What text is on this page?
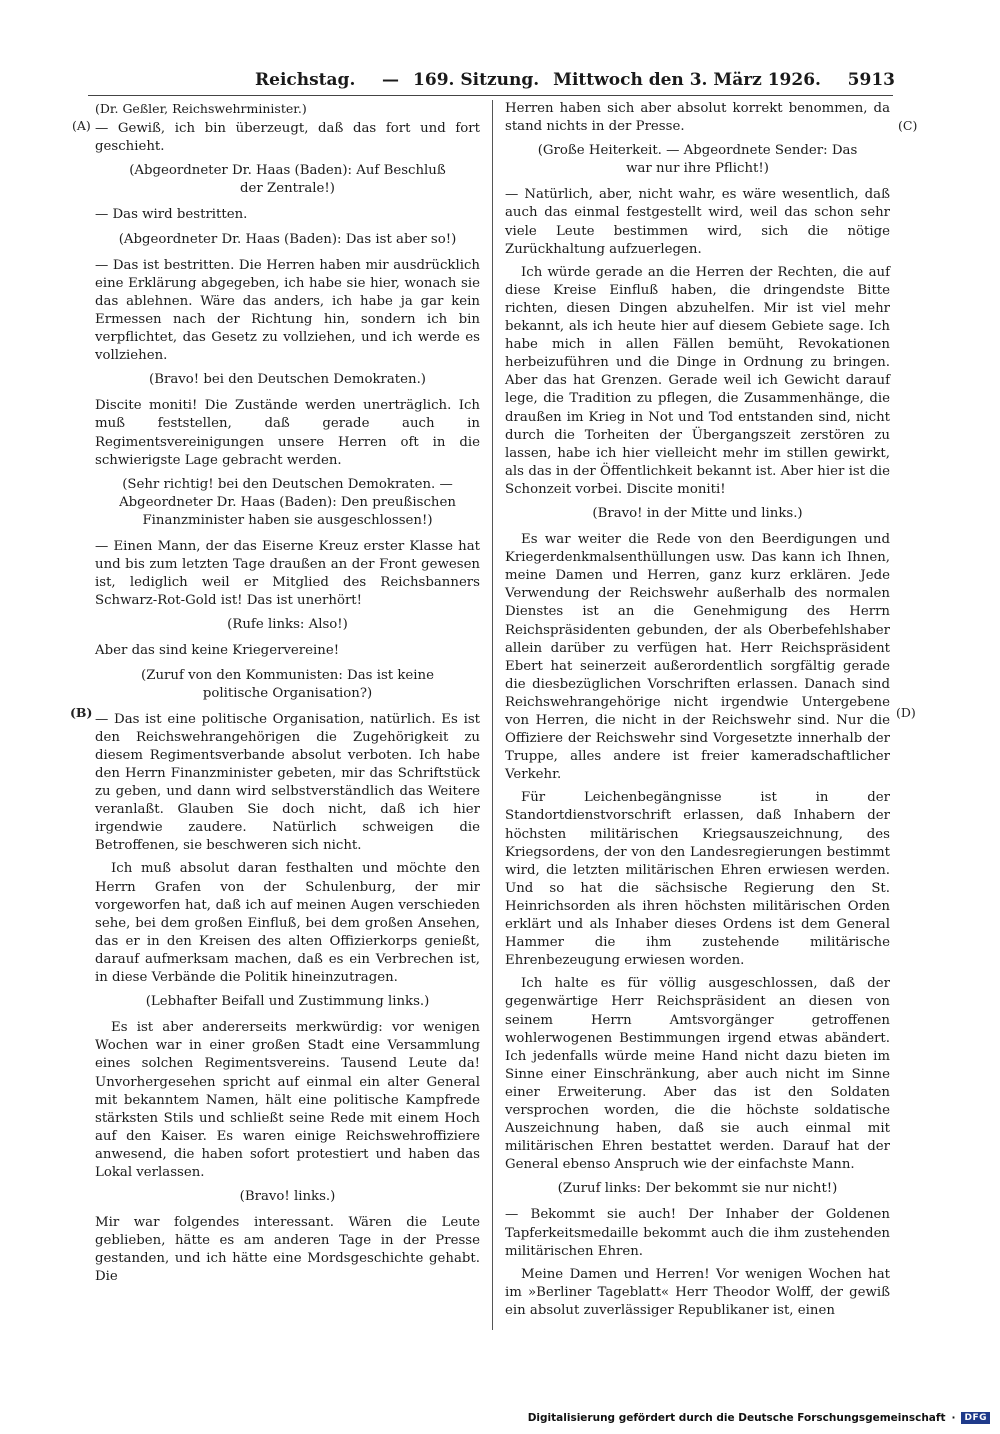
Reichstag. — 169. Sitzung. Mittwoch den 3. März 1926. 5913
(A)
(B)
(C)
(D)

(Dr. Geßler, Reichswehrminister.)

— Gewiß, ich bin überzeugt, daß das fort und fort geschieht.

(Abgeordneter Dr. Haas (Baden): Auf Beschluß der Zentrale!)

— Das wird bestritten.

(Abgeordneter Dr. Haas (Baden): Das ist aber so!)

— Das ist bestritten. Die Herren haben mir ausdrücklich eine Erklärung abgegeben, ich habe sie hier, wonach sie das ablehnen. Wäre das anders, ich habe ja gar kein Ermessen nach der Richtung hin, sondern ich bin verpflichtet, das Gesetz zu vollziehen, und ich werde es vollziehen.

(Bravo! bei den Deutschen Demokraten.)

Discite moniti! Die Zustände werden unerträglich. Ich muß feststellen, daß gerade auch in Regimentsvereinigungen unsere Herren oft in die schwierigste Lage gebracht werden.

(Sehr richtig! bei den Deutschen Demokraten. — Abgeordneter Dr. Haas (Baden): Den preußischen Finanzminister haben sie ausgeschlossen!)

— Einen Mann, der das Eiserne Kreuz erster Klasse hat und bis zum letzten Tage draußen an der Front gewesen ist, lediglich weil er Mitglied des Reichsbanners Schwarz-Rot-Gold ist! Das ist unerhört!

(Rufe links: Also!)

Aber das sind keine Kriegervereine!

(Zuruf von den Kommunisten: Das ist keine politische Organisation?)

— Das ist eine politische Organisation, natürlich. Es ist den Reichswehrangehörigen die Zugehörigkeit zu diesem Regimentsverbande absolut verboten. Ich habe den Herrn Finanzminister gebeten, mir das Schriftstück zu geben, und dann wird selbstverständlich das Weitere veranlaßt. Glauben Sie doch nicht, daß ich hier irgendwie zaudere. Natürlich schweigen die Betroffenen, sie beschweren sich nicht.

Ich muß absolut daran festhalten und möchte den Herrn Grafen von der Schulenburg, der mir vorgeworfen hat, daß ich auf meinen Augen verschieden sehe, bei dem großen Einfluß, bei dem großen Ansehen, das er in den Kreisen des alten Offizierkorps genießt, darauf aufmerksam machen, daß es ein Verbrechen ist, in diese Verbände die Politik hineinzutragen.

(Lebhafter Beifall und Zustimmung links.)

Es ist aber andererseits merkwürdig: vor wenigen Wochen war in einer großen Stadt eine Versammlung eines solchen Regimentsvereins. Tausend Leute da! Unvorhergesehen spricht auf einmal ein alter General mit bekanntem Namen, hält eine politische Kampfrede stärksten Stils und schließt seine Rede mit einem Hoch auf den Kaiser. Es waren einige Reichswehroffiziere anwesend, die haben sofort protestiert und haben das Lokal verlassen.

(Bravo! links.)

Mir war folgendes interessant. Wären die Leute geblieben, hätte es am anderen Tage in der Presse gestanden, und ich hätte eine Mordsgeschichte gehabt. Die

Herren haben sich aber absolut korrekt benommen, da stand nichts in der Presse.

(Große Heiterkeit. — Abgeordnete Sender: Das war nur ihre Pflicht!)

— Natürlich, aber, nicht wahr, es wäre wesentlich, daß auch das einmal festgestellt wird, weil das schon sehr viele Leute bestimmen wird, sich die nötige Zurückhaltung aufzuerlegen.

Ich würde gerade an die Herren der Rechten, die auf diese Kreise Einfluß haben, die dringendste Bitte richten, diesen Dingen abzuhelfen. Mir ist viel mehr bekannt, als ich heute hier auf diesem Gebiete sage. Ich habe mich in allen Fällen bemüht, Revokationen herbeizuführen und die Dinge in Ordnung zu bringen. Aber das hat Grenzen. Gerade weil ich Gewicht darauf lege, die Tradition zu pflegen, die Zusammenhänge, die draußen im Krieg in Not und Tod entstanden sind, nicht durch die Torheiten der Übergangszeit zerstören zu lassen, habe ich hier vielleicht mehr im stillen gewirkt, als das in der Öffentlichkeit bekannt ist. Aber hier ist die Schonzeit vorbei. Discite moniti!

(Bravo! in der Mitte und links.)

Es war weiter die Rede von den Beerdigungen und Kriegerdenkmalsenthüllungen usw. Das kann ich Ihnen, meine Damen und Herren, ganz kurz erklären. Jede Verwendung der Reichswehr außerhalb des normalen Dienstes ist an die Genehmigung des Herrn Reichspräsidenten gebunden, der als Oberbefehlshaber allein darüber zu verfügen hat. Herr Reichspräsident Ebert hat seinerzeit außerordentlich sorgfältig gerade die diesbezüglichen Vorschriften erlassen. Danach sind Reichswehrangehörige nicht irgendwie Untergebene von Herren, die nicht in der Reichswehr sind. Nur die Offiziere der Reichswehr sind Vorgesetzte innerhalb der Truppe, alles andere ist freier kameradschaftlicher Verkehr.

Für Leichenbegängnisse ist in der Standortdienstvorschrift erlassen, daß Inhabern der höchsten militärischen Kriegsauszeichnung, des Kriegsordens, der von den Landesregierungen bestimmt wird, die letzten militärischen Ehren erwiesen werden. Und so hat die sächsische Regierung den St. Heinrichsorden als ihren höchsten militärischen Orden erklärt und als Inhaber dieses Ordens ist dem General Hammer die ihm zustehende militärische Ehrenbezeugung erwiesen worden.

Ich halte es für völlig ausgeschlossen, daß der gegenwärtige Herr Reichspräsident an diesen von seinem Herrn Amtsvorgänger getroffenen wohlerwogenen Bestimmungen irgend etwas abändert. Ich jedenfalls würde meine Hand nicht dazu bieten im Sinne einer Einschränkung, aber auch nicht im Sinne einer Erweiterung. Aber das ist den Soldaten versprochen worden, die die höchste soldatische Auszeichnung haben, daß sie auch einmal mit militärischen Ehren bestattet werden. Darauf hat der General ebenso Anspruch wie der einfachste Mann.

(Zuruf links: Der bekommt sie nur nicht!)

— Bekommt sie auch! Der Inhaber der Goldenen Tapferkeitsmedaille bekommt auch die ihm zustehenden militärischen Ehren.

Meine Damen und Herren! Vor wenigen Wochen hat im »Berliner Tageblatt« Herr Theodor Wolff, der gewiß ein absolut zuverlässiger Republikaner ist, einen

Digitalisierung gefördert durch die Deutsche Forschungsgemeinschaft ·	DFG
